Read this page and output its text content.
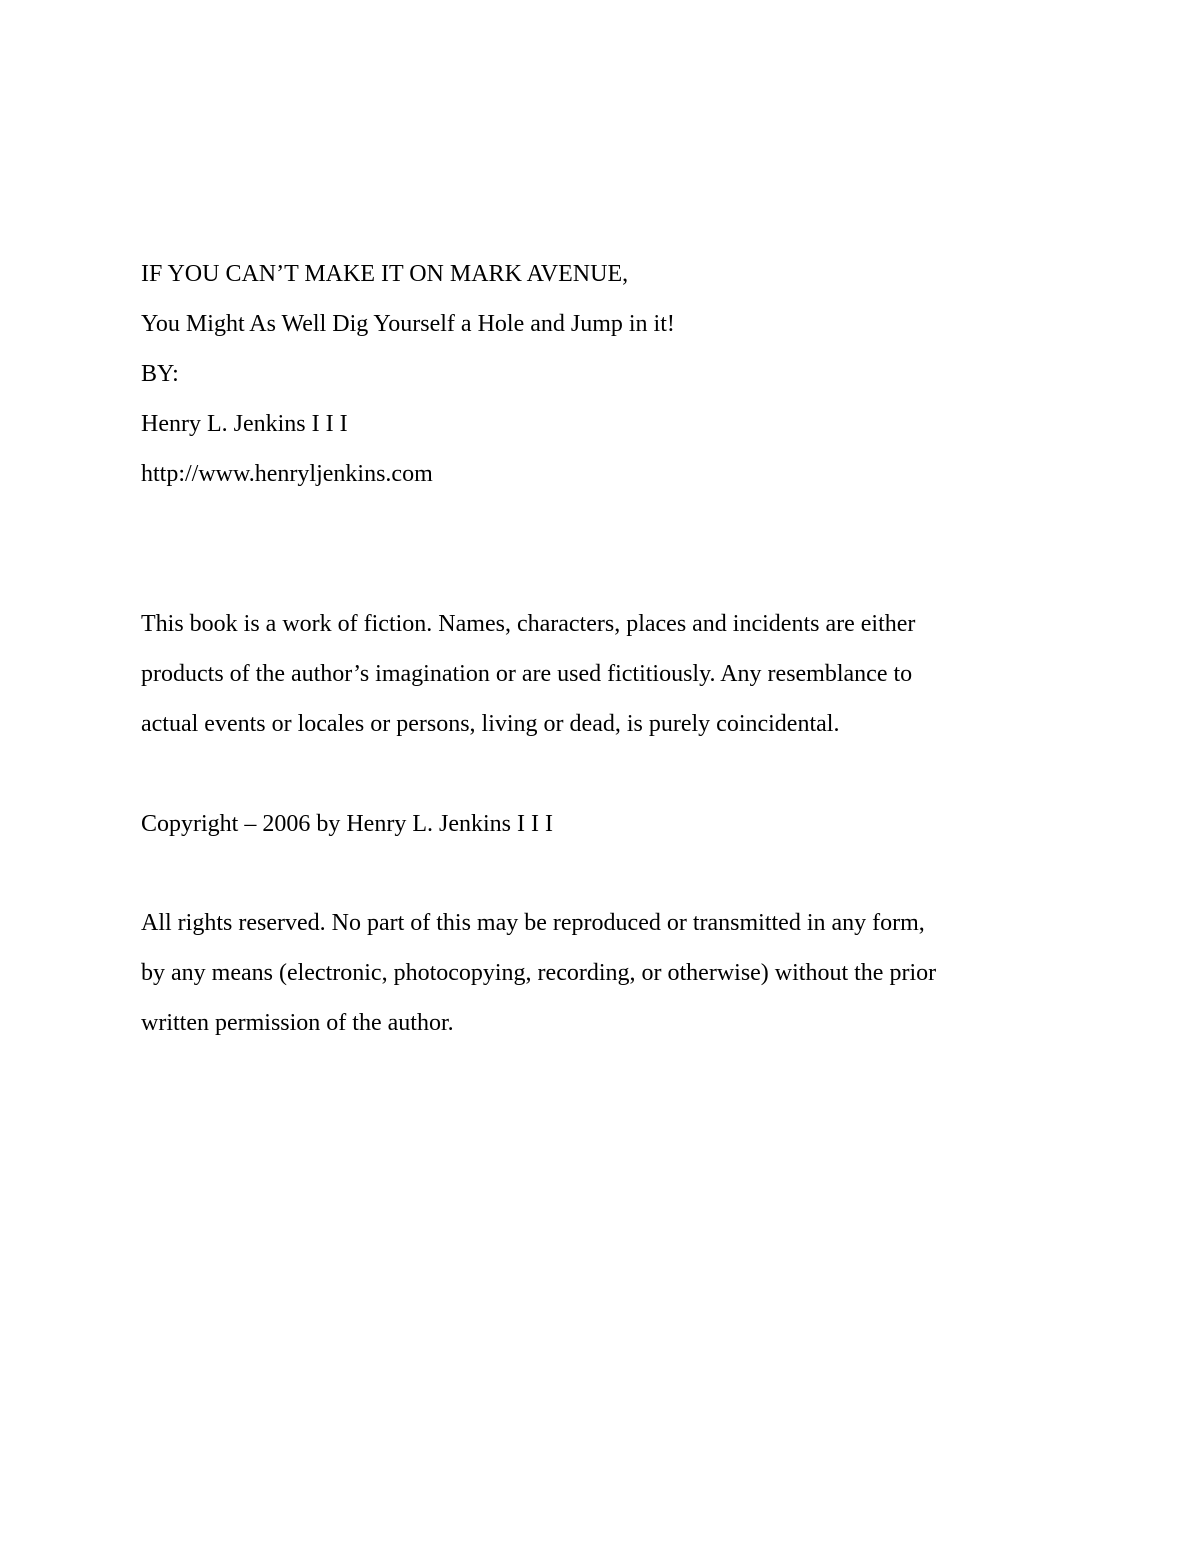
IF YOU CAN’T MAKE IT ON MARK AVENUE,
You Might As Well Dig Yourself a Hole and Jump in it!
BY:
Henry L. Jenkins I I I
http://www.henryljenkins.com
This book is a work of fiction. Names, characters, places and incidents are either
products of the author’s imagination or are used fictitiously. Any resemblance to
actual events or locales or persons, living or dead, is purely coincidental.
Copyright – 2006 by Henry L. Jenkins I I I
All rights reserved. No part of this may be reproduced or transmitted in any form,
by any means (electronic, photocopying, recording, or otherwise) without the prior
written permission of the author.
